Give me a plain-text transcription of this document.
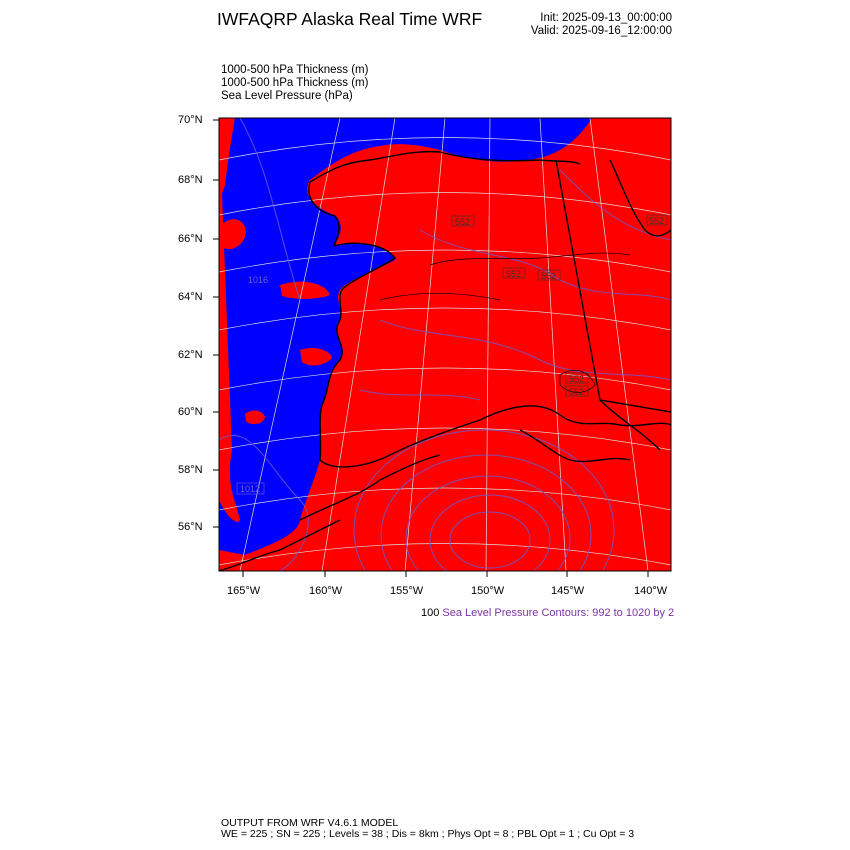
IWFAQRP Alaska Real Time WRF	Init: 2025-09-13_00:00:00
Valid: 2025-09-16_12:00:00
1000-500 hPa Thickness (m)
1000-500 hPa Thickness (m)
Sea Level Pressure (hPa)
552
552 552
552
552
552
1016
1012
70°N
68°N
66°N
64°N
62°N
60°N
58°N
56°N
165°W	160°W	155°W	150°W	145°W	140°W
100 Sea Level Pressure Contours: 992 to 1020 by 2
OUTPUT FROM WRF V4.6.1 MODEL
WE = 225 ; SN = 225 ; Levels = 38 ; Dis = 8km ; Phys Opt = 8 ; PBL Opt = 1 ; Cu Opt = 3
